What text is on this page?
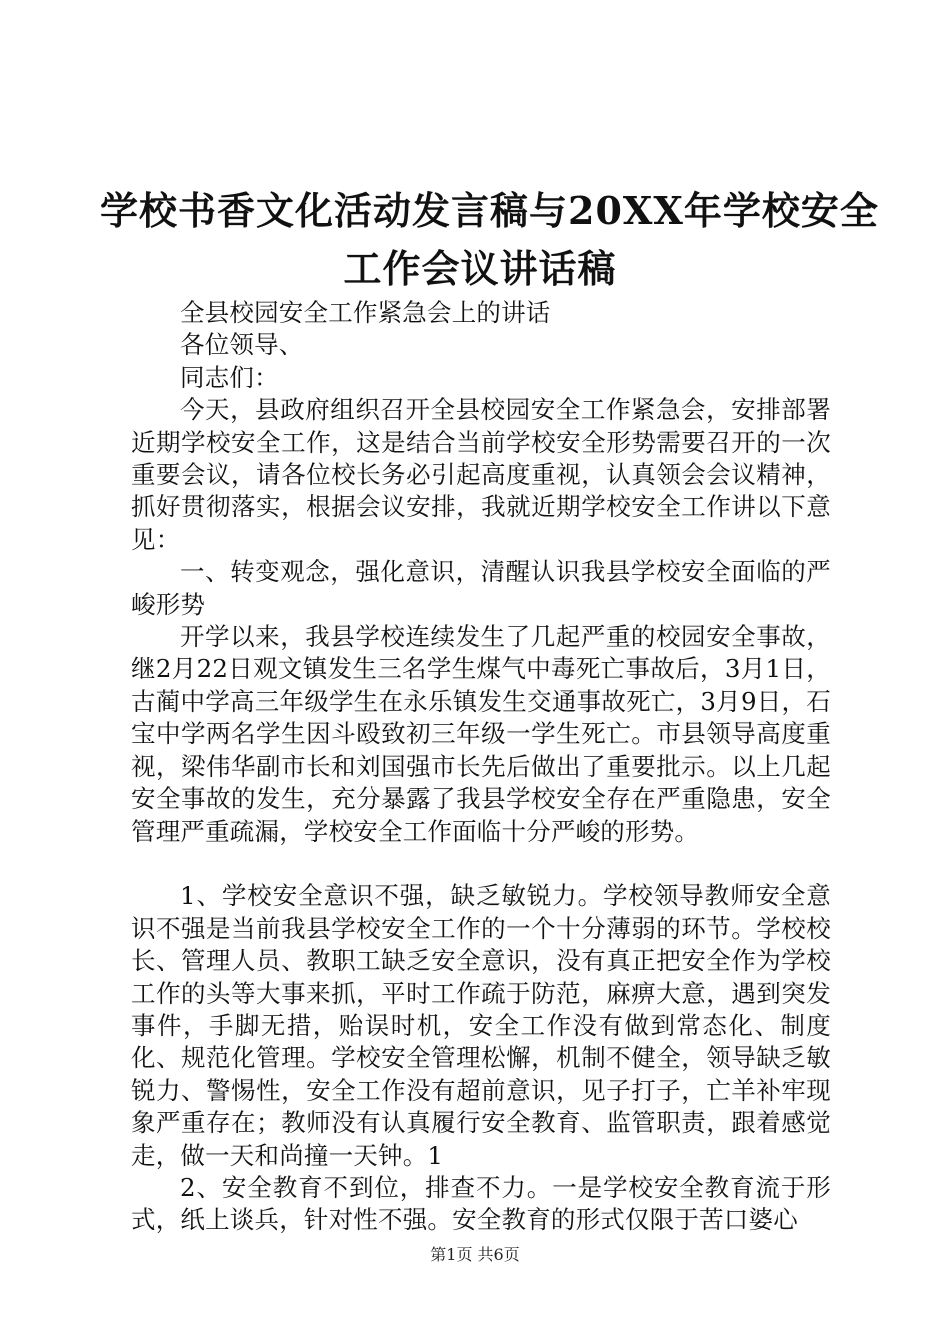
学校书香文化活动发言稿与20XX年学校安全
工作会议讲话稿

全县校园安全工作紧急会上的讲话

各位领导、

同志们：

今天，县政府组织召开全县校园安全工作紧急会，安排部署近期学校安全工作，这是结合当前学校安全形势需要召开的一次重要会议，请各位校长务必引起高度重视，认真领会会议精神，抓好贯彻落实，根据会议安排，我就近期学校安全工作讲以下意见：

一、转变观念，强化意识，清醒认识我县学校安全面临的严峻形势

开学以来，我县学校连续发生了几起严重的校园安全事故，继2月22日观文镇发生三名学生煤气中毒死亡事故后，3月1日，古蔺中学高三年级学生在永乐镇发生交通事故死亡，3月9日，石宝中学两名学生因斗殴致初三年级一学生死亡。市县领导高度重视，梁伟华副市长和刘国强市长先后做出了重要批示。以上几起安全事故的发生，充分暴露了我县学校安全存在严重隐患，安全管理严重疏漏，学校安全工作面临十分严峻的形势。

1、学校安全意识不强，缺乏敏锐力。学校领导教师安全意识不强是当前我县学校安全工作的一个十分薄弱的环节。学校校长、管理人员、教职工缺乏安全意识，没有真正把安全作为学校工作的头等大事来抓，平时工作疏于防范，麻痹大意，遇到突发事件，手脚无措，贻误时机，安全工作没有做到常态化、制度化、规范化管理。学校安全管理松懈，机制不健全，领导缺乏敏锐力、警惕性，安全工作没有超前意识，见子打子，亡羊补牢现象严重存在；教师没有认真履行安全教育、监管职责，跟着感觉走，做一天和尚撞一天钟。1

2、安全教育不到位，排查不力。一是学校安全教育流于形式，纸上谈兵，针对性不强。安全教育的形式仅限于苦口婆心

第1页 共6页
